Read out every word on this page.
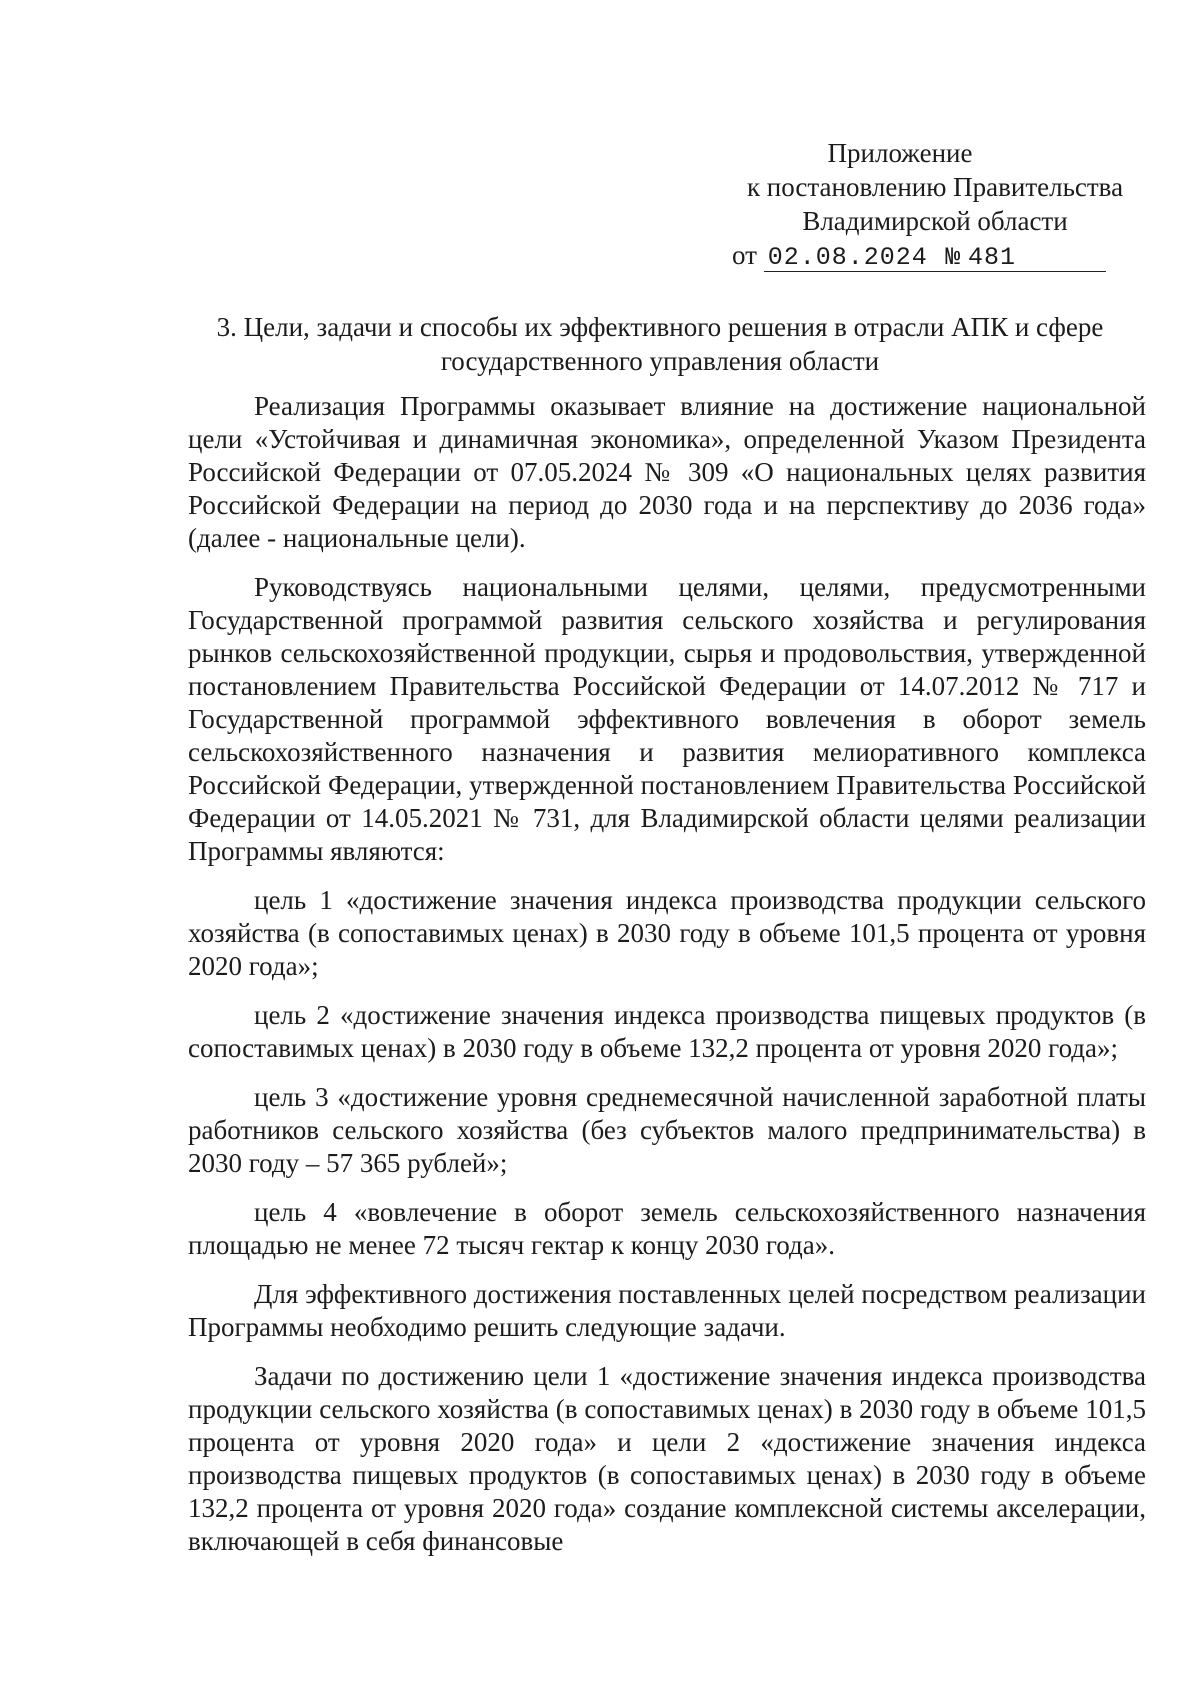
Приложение
к постановлению Правительства
Владимирской области
от 02.08.2024 № 481
3. Цели, задачи и способы их эффективного решения в отрасли АПК и сфере государственного управления области

Реализация Программы оказывает влияние на достижение национальной цели «Устойчивая и динамичная экономика», определенной Указом Президента Российской Федерации от 07.05.2024 № 309 «О национальных целях развития Российской Федерации на период до 2030 года и на перспективу до 2036 года» (далее - национальные цели).

Руководствуясь национальными целями, целями, предусмотренными Государственной программой развития сельского хозяйства и регулирования рынков сельскохозяйственной продукции, сырья и продовольствия, утвержденной постановлением Правительства Российской Федерации от 14.07.2012 № 717 и Государственной программой эффективного вовлечения в оборот земель сельскохозяйственного назначения и развития мелиоративного комплекса Российской Федерации, утвержденной постановлением Правительства Российской Федерации от 14.05.2021 № 731, для Владимирской области целями реализации Программы являются:

цель 1 «достижение значения индекса производства продукции сельского хозяйства (в сопоставимых ценах) в 2030 году в объеме 101,5 процента от уровня 2020 года»;

цель 2 «достижение значения индекса производства пищевых продуктов (в сопоставимых ценах) в 2030 году в объеме 132,2 процента от уровня 2020 года»;

цель 3 «достижение уровня среднемесячной начисленной заработной платы работников сельского хозяйства (без субъектов малого предпринимательства) в 2030 году – 57 365 рублей»;

цель 4 «вовлечение в оборот земель сельскохозяйственного назначения площадью не менее 72 тысяч гектар к концу 2030 года».

Для эффективного достижения поставленных целей посредством реализации Программы необходимо решить следующие задачи.

Задачи по достижению цели 1 «достижение значения индекса производства продукции сельского хозяйства (в сопоставимых ценах) в 2030 году в объеме 101,5 процента от уровня 2020 года» и цели 2 «достижение значения индекса производства пищевых продуктов (в сопоставимых ценах) в 2030 году в объеме 132,2 процента от уровня 2020 года» создание комплексной системы акселерации, включающей в себя финансовые
